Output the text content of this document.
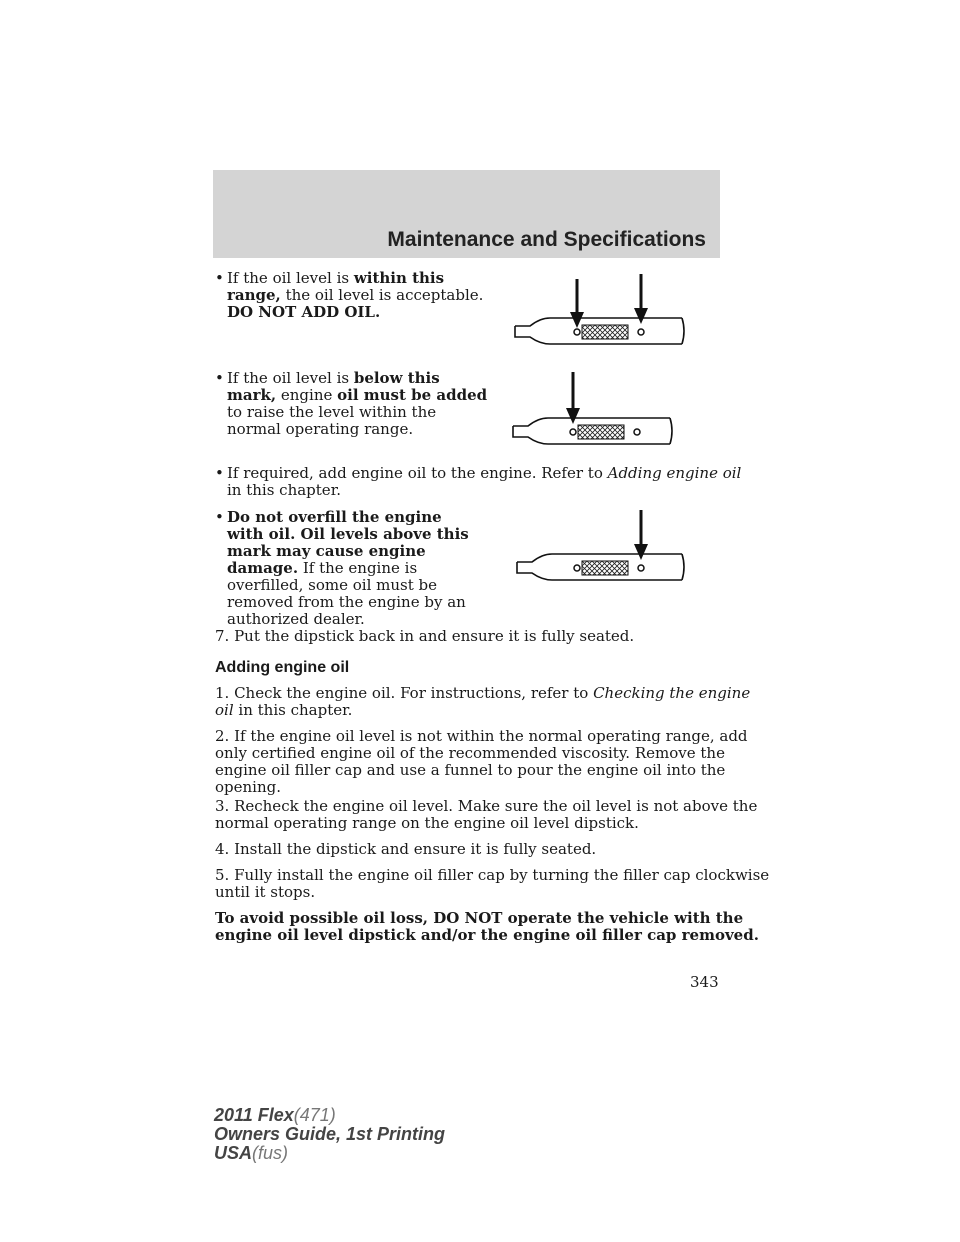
Maintenance and Specifications
• If the oil level is within this
range, the oil level is acceptable.
DO NOT ADD OIL.
• If the oil level is below this
mark, engine oil must be added
to raise the level within the
normal operating range.
• If required, add engine oil to the engine. Refer to Adding engine oil
in this chapter.
• Do not overfill the engine
with oil. Oil levels above this
mark may cause engine
damage. If the engine is
overfilled, some oil must be
removed from the engine by an
authorized dealer.
7. Put the dipstick back in and ensure it is fully seated.
Adding engine oil
1. Check the engine oil. For instructions, refer to Checking the engine
oil in this chapter.
2. If the engine oil level is not within the normal operating range, add
only certified engine oil of the recommended viscosity. Remove the
engine oil filler cap and use a funnel to pour the engine oil into the
opening.
3. Recheck the engine oil level. Make sure the oil level is not above the
normal operating range on the engine oil level dipstick.
4. Install the dipstick and ensure it is fully seated.
5. Fully install the engine oil filler cap by turning the filler cap clockwise
until it stops.
To avoid possible oil loss, DO NOT operate the vehicle with the
engine oil level dipstick and/or the engine oil filler cap removed.
343
2011 Flex(471)
Owners Guide, 1st Printing
USA(fus)
